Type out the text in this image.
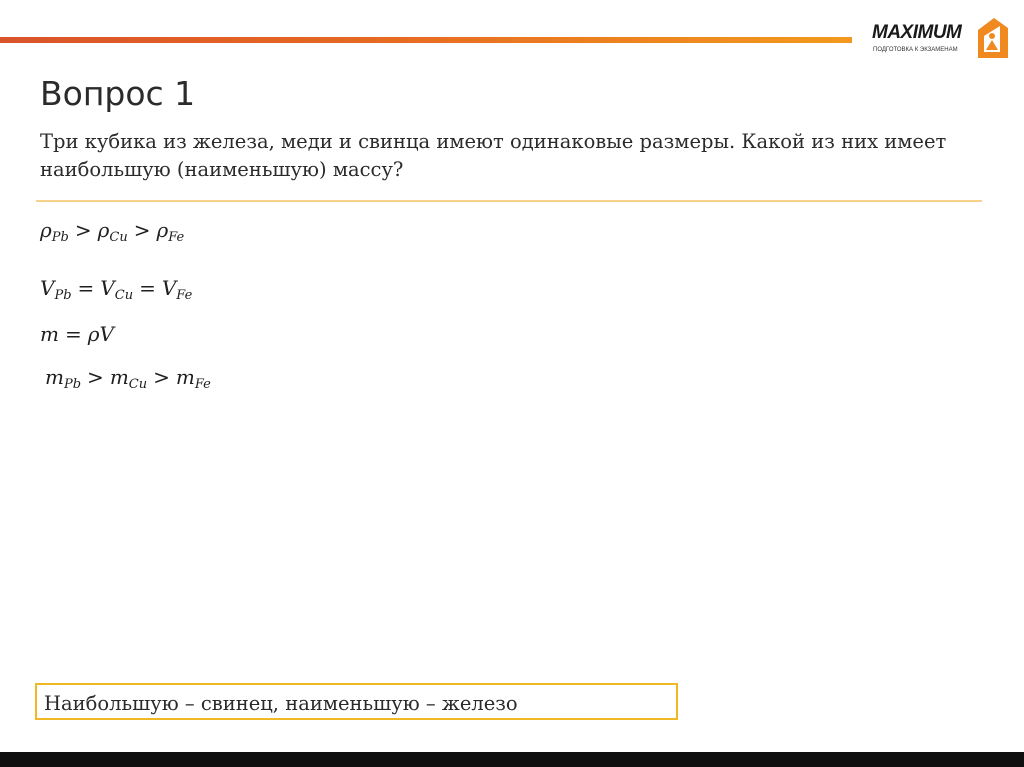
MAXIMUM
ПОДГОТОВКА К ЭКЗАМЕНАМ
Вопрос 1

Три кубика из железа, меди и свинца имеют одинаковые размеры. Какой из них имеет наибольшую (наименьшую) массу?

$\rho_{Pb} > \rho_{Cu} > \rho_{Fe}$
$V_{Pb} = V_{Cu} = V_{Fe}$
m = ρV
$m_{Pb} > m_{Cu} > m_{Fe}$
Наибольшую – свинец, наименьшую – железо
